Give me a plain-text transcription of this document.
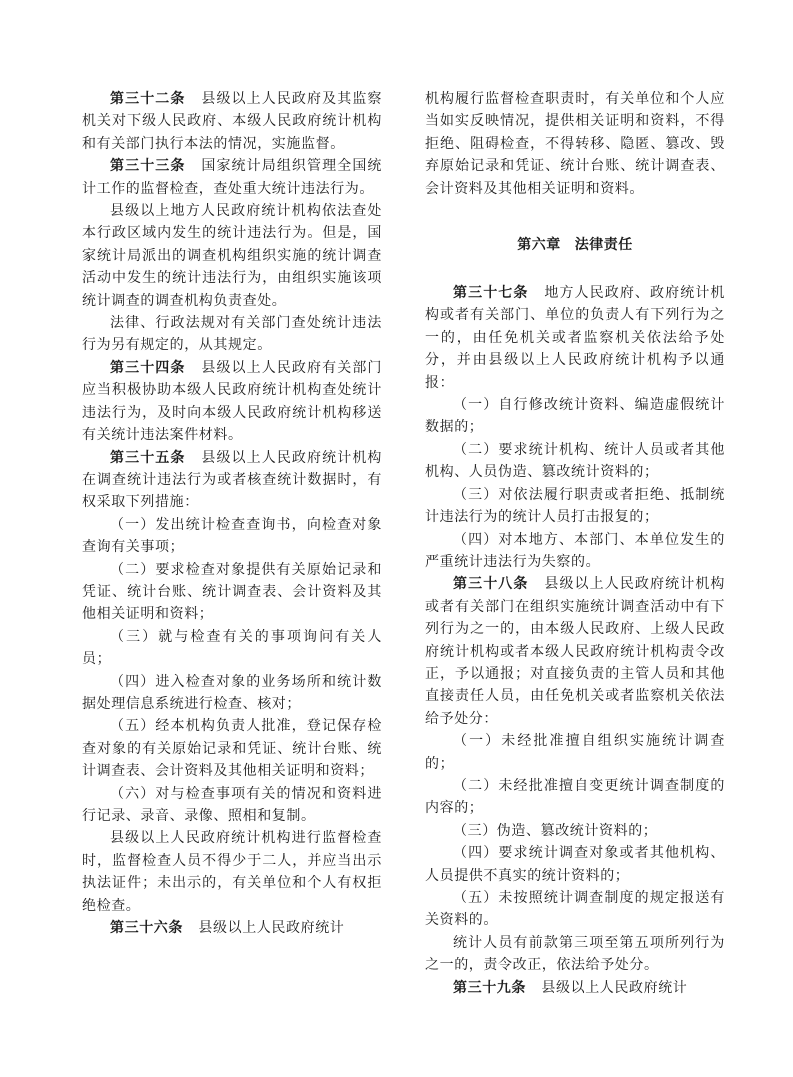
第三十二条 县级以上人民政府及其监察机关对下级人民政府、本级人民政府统计机构和有关部门执行本法的情况，实施监督。

第三十三条 国家统计局组织管理全国统计工作的监督检查，查处重大统计违法行为。

县级以上地方人民政府统计机构依法查处本行政区域内发生的统计违法行为。但是，国家统计局派出的调查机构组织实施的统计调查活动中发生的统计违法行为，由组织实施该项统计调查的调查机构负责查处。

法律、行政法规对有关部门查处统计违法行为另有规定的，从其规定。

第三十四条 县级以上人民政府有关部门应当积极协助本级人民政府统计机构查处统计违法行为，及时向本级人民政府统计机构移送有关统计违法案件材料。

第三十五条 县级以上人民政府统计机构在调查统计违法行为或者核查统计数据时，有权采取下列措施：

（一）发出统计检查查询书，向检查对象查询有关事项；

（二）要求检查对象提供有关原始记录和凭证、统计台账、统计调查表、会计资料及其他相关证明和资料；

（三）就与检查有关的事项询问有关人员；

（四）进入检查对象的业务场所和统计数据处理信息系统进行检查、核对；

（五）经本机构负责人批准，登记保存检查对象的有关原始记录和凭证、统计台账、统计调查表、会计资料及其他相关证明和资料；

（六）对与检查事项有关的情况和资料进行记录、录音、录像、照相和复制。

县级以上人民政府统计机构进行监督检查时，监督检查人员不得少于二人，并应当出示执法证件；未出示的，有关单位和个人有权拒绝检查。

第三十六条 县级以上人民政府统计

机构履行监督检查职责时，有关单位和个人应当如实反映情况，提供相关证明和资料，不得拒绝、阻碍检查，不得转移、隐匿、篡改、毁弃原始记录和凭证、统计台账、统计调查表、会计资料及其他相关证明和资料。

第六章 法律责任

第三十七条 地方人民政府、政府统计机构或者有关部门、单位的负责人有下列行为之一的，由任免机关或者监察机关依法给予处分，并由县级以上人民政府统计机构予以通报：

（一）自行修改统计资料、编造虚假统计数据的；

（二）要求统计机构、统计人员或者其他机构、人员伪造、篡改统计资料的；

（三）对依法履行职责或者拒绝、抵制统计违法行为的统计人员打击报复的；

（四）对本地方、本部门、本单位发生的严重统计违法行为失察的。

第三十八条 县级以上人民政府统计机构或者有关部门在组织实施统计调查活动中有下列行为之一的，由本级人民政府、上级人民政府统计机构或者本级人民政府统计机构责令改正，予以通报；对直接负责的主管人员和其他直接责任人员，由任免机关或者监察机关依法给予处分：

（一）未经批准擅自组织实施统计调查的；

（二）未经批准擅自变更统计调查制度的内容的；

（三）伪造、篡改统计资料的；

（四）要求统计调查对象或者其他机构、人员提供不真实的统计资料的；

（五）未按照统计调查制度的规定报送有关资料的。

统计人员有前款第三项至第五项所列行为之一的，责令改正，依法给予处分。

第三十九条 县级以上人民政府统计
